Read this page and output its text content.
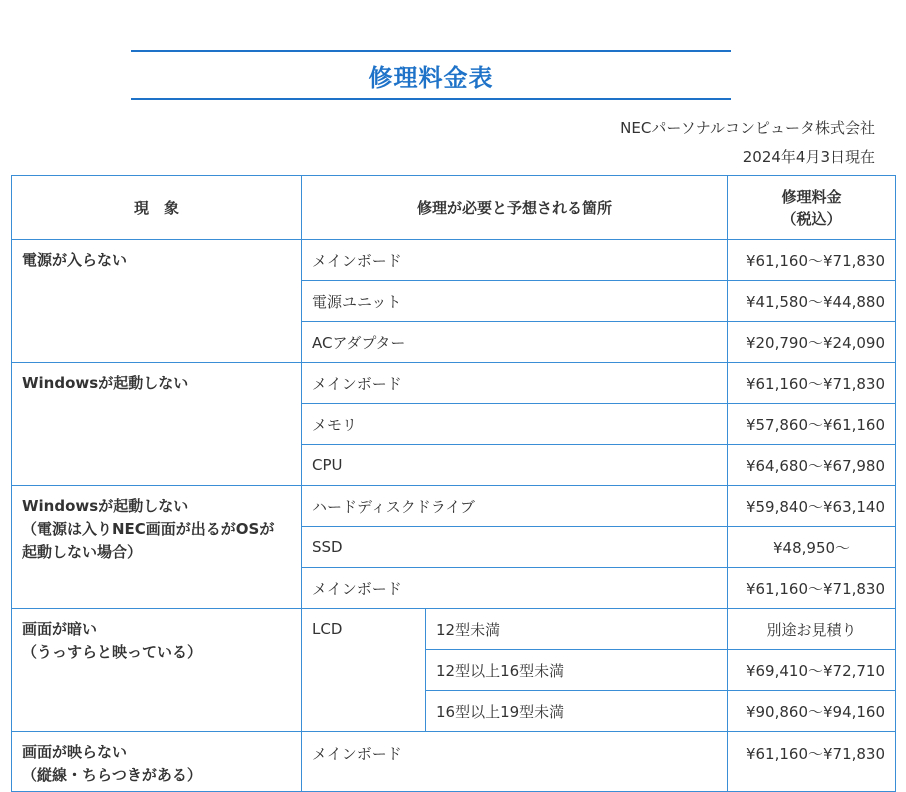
修理料金表
NECパーソナルコンピュータ株式会社
2024年4月3日現在
現　象	修理が必要と予想される箇所		修理料金
（税込）

電源が入らない	メインボード		¥61,160～¥71,830
	電源ユニット		¥41,580～¥44,880
	ACアダプター		¥20,790～¥24,090

Windowsが起動しない	メインボード		¥61,160～¥71,830
	メモリ		¥57,860～¥61,160
	CPU		¥64,680～¥67,980

Windowsが起動しない
（電源は入りNEC画面が出るがOSが
起動しない場合）	ハードディスクドライブ		¥59,840～¥63,140
	SSD		¥48,950～
	メインボード		¥61,160～¥71,830

画面が暗い
（うっすらと映っている）	LCD	12型未満	別途お見積り
		12型以上16型未満	¥69,410～¥72,710
		16型以上19型未満	¥90,860～¥94,160

画面が映らない
（縦線・ちらつきがある）	メインボード		¥61,160～¥71,830
